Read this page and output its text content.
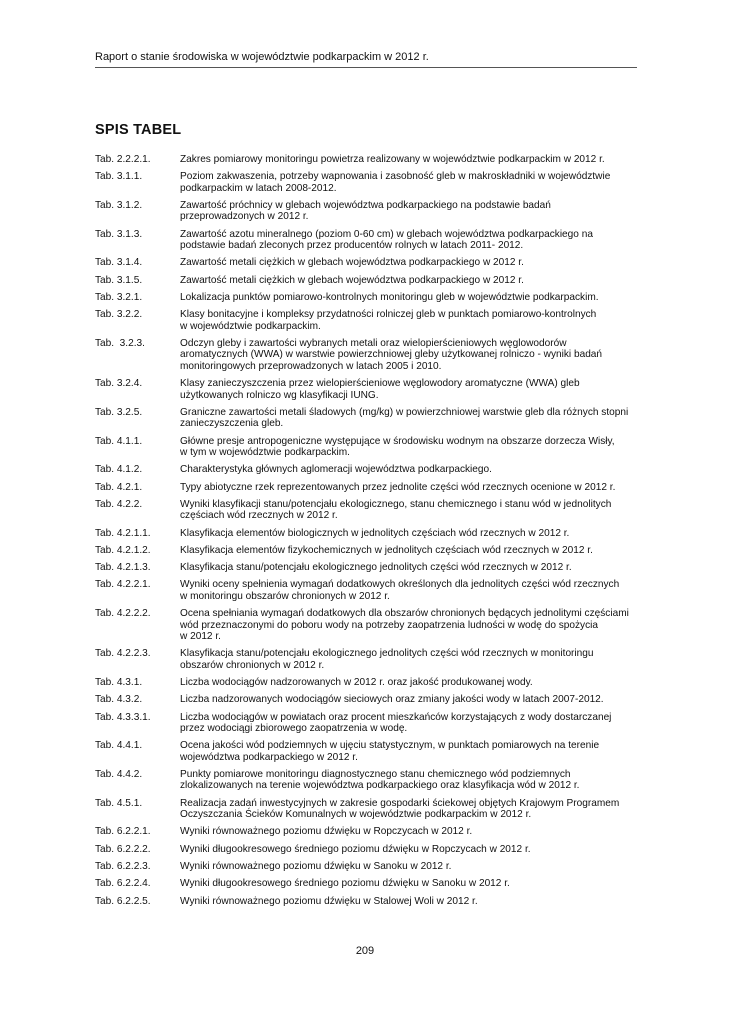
Raport o stanie środowiska w województwie podkarpackim w 2012 r.
SPIS TABEL
Tab. 2.2.2.1.	Zakres pomiarowy monitoringu powietrza realizowany w województwie podkarpackim w 2012 r.
Tab. 3.1.1.	Poziom zakwaszenia, potrzeby wapnowania i zasobność gleb w makroskładniki w województwie
podkarpackim w latach 2008-2012.
Tab. 3.1.2.	Zawartość próchnicy w glebach województwa podkarpackiego na podstawie badań
przeprowadzonych w 2012 r.
Tab. 3.1.3.	Zawartość azotu mineralnego (poziom 0-60 cm) w glebach województwa podkarpackiego na
podstawie badań zleconych przez producentów rolnych w latach 2011- 2012.
Tab. 3.1.4.	Zawartość metali ciężkich w glebach województwa podkarpackiego w 2012 r.
Tab. 3.1.5.	Zawartość metali ciężkich w glebach województwa podkarpackiego w 2012 r.
Tab. 3.2.1.	Lokalizacja punktów pomiarowo-kontrolnych monitoringu gleb w województwie podkarpackim.
Tab. 3.2.2.	Klasy bonitacyjne i kompleksy przydatności rolniczej gleb w punktach pomiarowo-kontrolnych
w województwie podkarpackim.
Tab.  3.2.3.	Odczyn gleby i zawartości wybranych metali oraz wielopierścieniowych węglowodorów
aromatycznych (WWA) w warstwie powierzchniowej gleby użytkowanej rolniczo - wyniki badań
monitoringowych przeprowadzonych w latach 2005 i 2010.
Tab. 3.2.4.	Klasy zanieczyszczenia przez wielopierścieniowe węglowodory aromatyczne (WWA) gleb
użytkowanych rolniczo wg klasyfikacji IUNG.
Tab. 3.2.5.	Graniczne zawartości metali śladowych (mg/kg) w powierzchniowej warstwie gleb dla różnych stopni
zanieczyszczenia gleb.
Tab. 4.1.1.	Główne presje antropogeniczne występujące w środowisku wodnym na obszarze dorzecza Wisły,
w tym w województwie podkarpackim.
Tab. 4.1.2.	Charakterystyka głównych aglomeracji województwa podkarpackiego.
Tab. 4.2.1.	Typy abiotyczne rzek reprezentowanych przez jednolite części wód rzecznych ocenione w 2012 r.
Tab. 4.2.2.	Wyniki klasyfikacji stanu/potencjału ekologicznego, stanu chemicznego i stanu wód w jednolitych
częściach wód rzecznych w 2012 r.
Tab. 4.2.1.1.	Klasyfikacja elementów biologicznych w jednolitych częściach wód rzecznych w 2012 r.
Tab. 4.2.1.2.	Klasyfikacja elementów fizykochemicznych w jednolitych częściach wód rzecznych w 2012 r.
Tab. 4.2.1.3.	Klasyfikacja stanu/potencjału ekologicznego jednolitych części wód rzecznych w 2012 r.
Tab. 4.2.2.1.	Wyniki oceny spełnienia wymagań dodatkowych określonych dla jednolitych części wód rzecznych
w monitoringu obszarów chronionych w 2012 r.
Tab. 4.2.2.2.	Ocena spełniania wymagań dodatkowych dla obszarów chronionych będących jednolitymi częściami
wód przeznaczonymi do poboru wody na potrzeby zaopatrzenia ludności w wodę do spożycia
w 2012 r.
Tab. 4.2.2.3.	Klasyfikacja stanu/potencjału ekologicznego jednolitych części wód rzecznych w monitoringu
obszarów chronionych w 2012 r.
Tab. 4.3.1.	Liczba wodociągów nadzorowanych w 2012 r. oraz jakość produkowanej wody.
Tab. 4.3.2.	Liczba nadzorowanych wodociągów sieciowych oraz zmiany jakości wody w latach 2007-2012.
Tab. 4.3.3.1.	Liczba wodociągów w powiatach oraz procent mieszkańców korzystających z wody dostarczanej
przez wodociągi zbiorowego zaopatrzenia w wodę.
Tab. 4.4.1.	Ocena jakości wód podziemnych w ujęciu statystycznym, w punktach pomiarowych na terenie
województwa podkarpackiego w 2012 r.
Tab. 4.4.2.	Punkty pomiarowe monitoringu diagnostycznego stanu chemicznego wód podziemnych
zlokalizowanych na terenie województwa podkarpackiego oraz klasyfikacja wód w 2012 r.
Tab. 4.5.1.	Realizacja zadań inwestycyjnych w zakresie gospodarki ściekowej objętych Krajowym Programem
Oczyszczania Ścieków Komunalnych w województwie podkarpackim w 2012 r.
Tab. 6.2.2.1.	Wyniki równoważnego poziomu dźwięku w Ropczycach w 2012 r.
Tab. 6.2.2.2.	Wyniki długookresowego średniego poziomu dźwięku w Ropczycach w 2012 r.
Tab. 6.2.2.3.	Wyniki równoważnego poziomu dźwięku w Sanoku w 2012 r.
Tab. 6.2.2.4.	Wyniki długookresowego średniego poziomu dźwięku w Sanoku w 2012 r.
Tab. 6.2.2.5.	Wyniki równoważnego poziomu dźwięku w Stalowej Woli w 2012 r.
209
